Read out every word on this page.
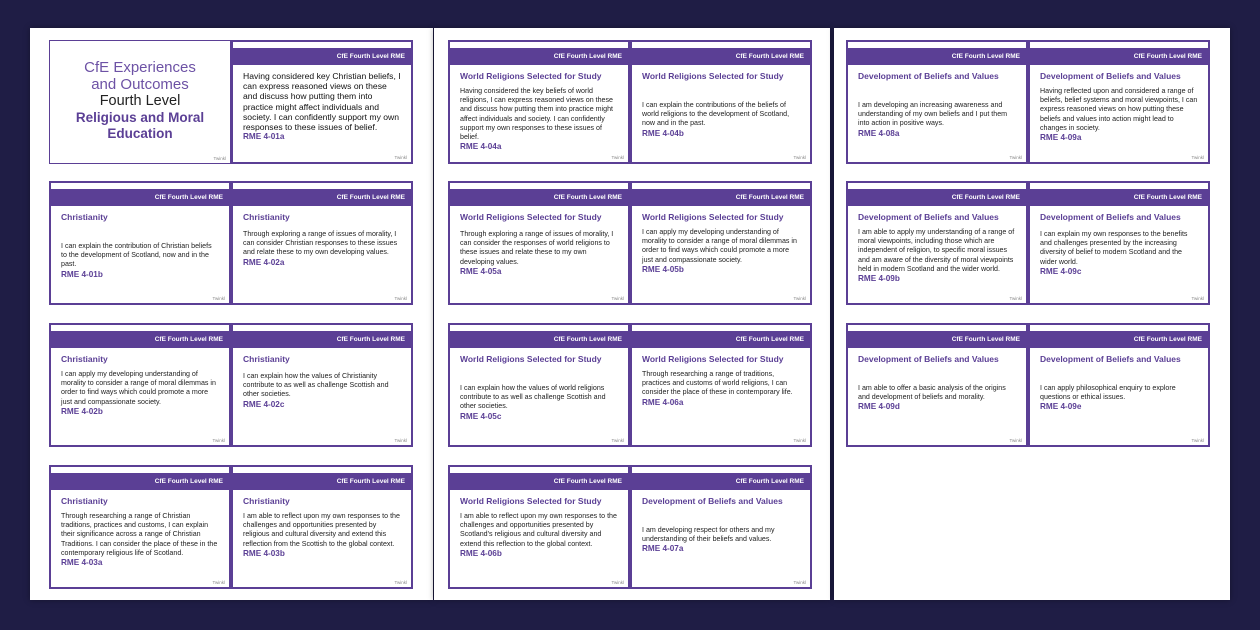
CfE Experiences
and Outcomes
Fourth Level
Religious and Moral
Education
Twinkl
CfE Fourth Level RME
Having considered key Christian beliefs, I can express reasoned views on these and discuss how putting them into practice might affect individuals and society. I can confidently support my own responses to these issues of belief.
RME 4-01a
Twinkl
CfE Fourth Level RME
Christianity
I can explain the contribution of Christian beliefs to the development of Scotland, now and in the past.
RME 4-01b
Twinkl
CfE Fourth Level RME
Christianity
Through exploring a range of issues of morality, I can consider Christian responses to these issues and relate these to my own developing values.
RME 4-02a
Twinkl
CfE Fourth Level RME
Christianity
I can apply my developing understanding of morality to consider a range of moral dilemmas in order to find ways which could promote a more just and compassionate society.
RME 4-02b
Twinkl
CfE Fourth Level RME
Christianity
I can explain how the values of Christianity contribute to as well as challenge Scottish and other societies.
RME 4-02c
Twinkl
CfE Fourth Level RME
Christianity
Through researching a range of Christian traditions, practices and customs, I can explain their significance across a range of Christian Traditions. I can consider the place of these in the contemporary religious life of Scotland.
RME 4-03a
Twinkl
CfE Fourth Level RME
Christianity
I am able to reflect upon my own responses to the challenges and opportunities presented by religious and cultural diversity and extend this reflection from the Scottish to the global context.
RME 4-03b
Twinkl
CfE Fourth Level RME
World Religions Selected for Study
Having considered the key beliefs of world religions, I can express reasoned views on these and discuss how putting them into practice might affect individuals and society. I can confidently support my own responses to these issues of belief.
RME 4-04a
Twinkl
CfE Fourth Level RME
World Religions Selected for Study
I can explain the contributions of the beliefs of world religions to the development of Scotland, now and in the past.
RME 4-04b
Twinkl
CfE Fourth Level RME
World Religions Selected for Study
Through exploring a range of issues of morality, I can consider the responses of world religions to these issues and relate these to my own developing values.
RME 4-05a
Twinkl
CfE Fourth Level RME
World Religions Selected for Study
I can apply my developing understanding of morality to consider a range of moral dilemmas in order to find ways which could promote a more just and compassionate society.
RME 4-05b
Twinkl
CfE Fourth Level RME
World Religions Selected for Study
I can explain how the values of world religions contribute to as well as challenge Scottish and other societies.
RME 4-05c
Twinkl
CfE Fourth Level RME
World Religions Selected for Study
Through researching a range of traditions, practices and customs of world religions, I can consider the place of these in contemporary life.
RME 4-06a
Twinkl
CfE Fourth Level RME
World Religions Selected for Study
I am able to reflect upon my own responses to the challenges and opportunities presented by Scotland's religious and cultural diversity and extend this reflection to the global context.
RME 4-06b
Twinkl
CfE Fourth Level RME
Development of Beliefs and Values
I am developing respect for others and my understanding of their beliefs and values.
RME 4-07a
Twinkl
CfE Fourth Level RME
Development of Beliefs and Values
I am developing an increasing awareness and understanding of my own beliefs and I put them into action in positive ways.
RME 4-08a
Twinkl
CfE Fourth Level RME
Development of Beliefs and Values
Having reflected upon and considered a range of beliefs, belief systems and moral viewpoints, I can express reasoned views on how putting these beliefs and values into action might lead to changes in society.
RME 4-09a
Twinkl
CfE Fourth Level RME
Development of Beliefs and Values
I am able to apply my understanding of a range of moral viewpoints, including those which are independent of religion, to specific moral issues and am aware of the diversity of moral viewpoints held in modern Scotland and the wider world.
RME 4-09b
Twinkl
CfE Fourth Level RME
Development of Beliefs and Values
I can explain my own responses to the benefits and challenges presented by the increasing diversity of belief to modern Scotland and the wider world.
RME 4-09c
Twinkl
CfE Fourth Level RME
Development of Beliefs and Values
I am able to offer a basic analysis of the origins and development of beliefs and morality.
RME 4-09d
Twinkl
CfE Fourth Level RME
Development of Beliefs and Values
I can apply philosophical enquiry to explore questions or ethical issues.
RME 4-09e
Twinkl
